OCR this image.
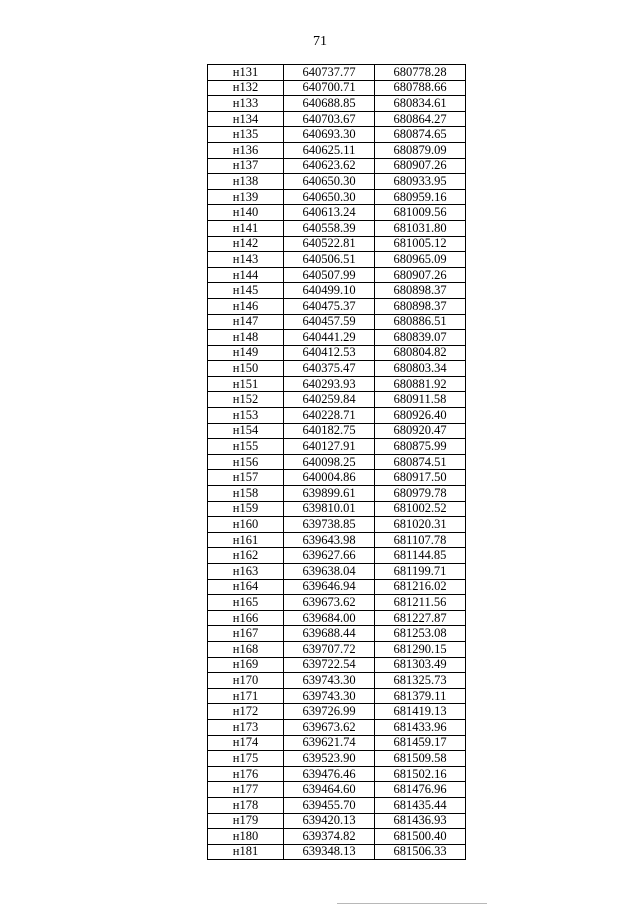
71
н131	640737.77	680778.28
н132	640700.71	680788.66
н133	640688.85	680834.61
н134	640703.67	680864.27
н135	640693.30	680874.65
н136	640625.11	680879.09
н137	640623.62	680907.26
н138	640650.30	680933.95
н139	640650.30	680959.16
н140	640613.24	681009.56
н141	640558.39	681031.80
н142	640522.81	681005.12
н143	640506.51	680965.09
н144	640507.99	680907.26
н145	640499.10	680898.37
н146	640475.37	680898.37
н147	640457.59	680886.51
н148	640441.29	680839.07
н149	640412.53	680804.82
н150	640375.47	680803.34
н151	640293.93	680881.92
н152	640259.84	680911.58
н153	640228.71	680926.40
н154	640182.75	680920.47
н155	640127.91	680875.99
н156	640098.25	680874.51
н157	640004.86	680917.50
н158	639899.61	680979.78
н159	639810.01	681002.52
н160	639738.85	681020.31
н161	639643.98	681107.78
н162	639627.66	681144.85
н163	639638.04	681199.71
н164	639646.94	681216.02
н165	639673.62	681211.56
н166	639684.00	681227.87
н167	639688.44	681253.08
н168	639707.72	681290.15
н169	639722.54	681303.49
н170	639743.30	681325.73
н171	639743.30	681379.11
н172	639726.99	681419.13
н173	639673.62	681433.96
н174	639621.74	681459.17
н175	639523.90	681509.58
н176	639476.46	681502.16
н177	639464.60	681476.96
н178	639455.70	681435.44
н179	639420.13	681436.93
н180	639374.82	681500.40
н181	639348.13	681506.33
